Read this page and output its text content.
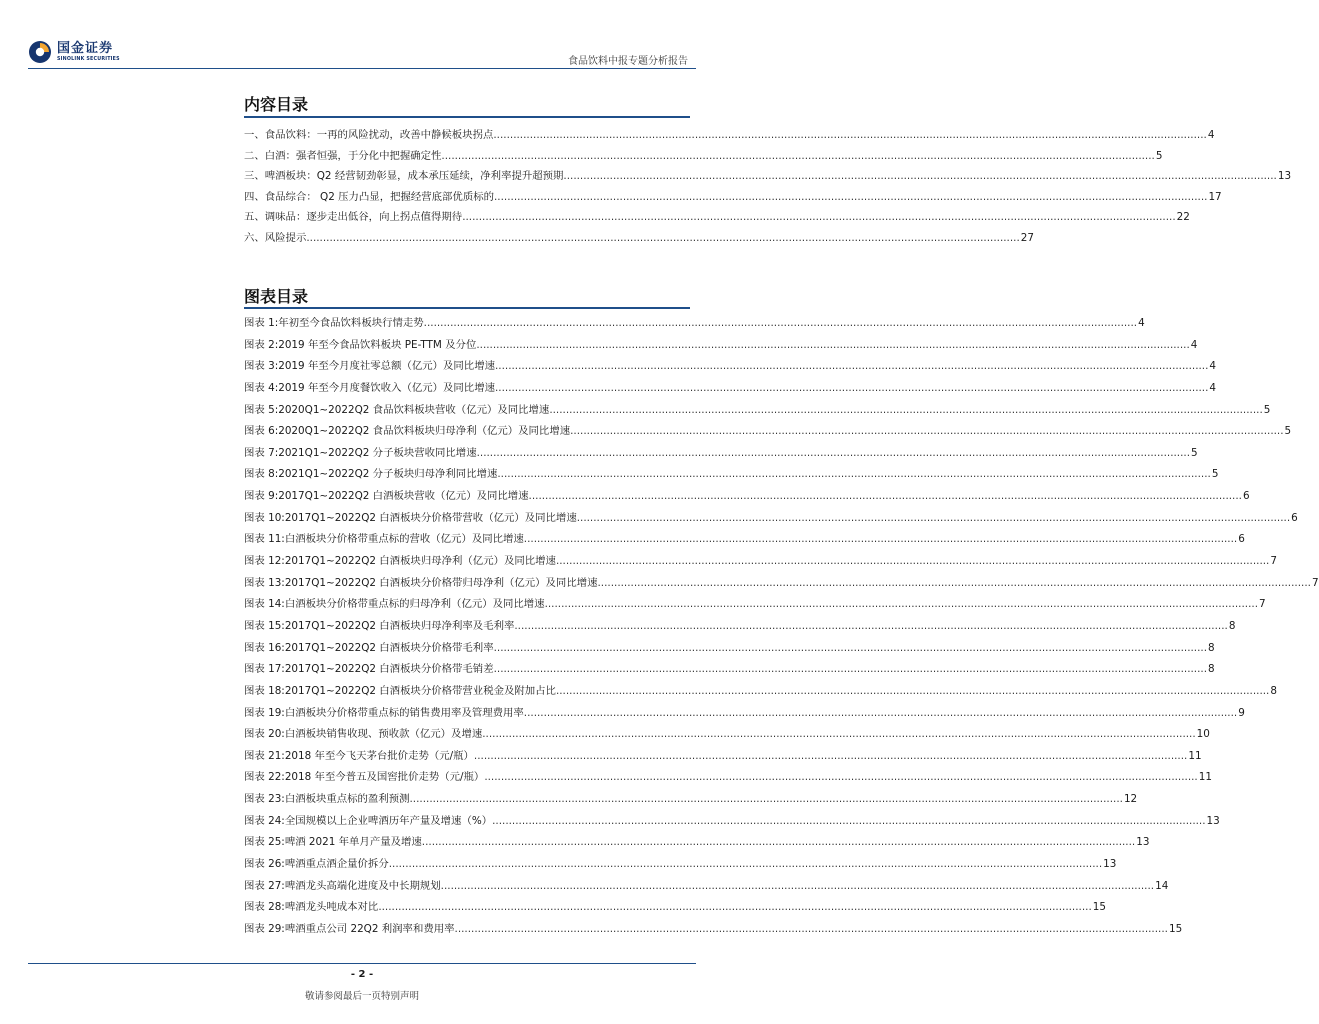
国金证券
SINOLINK SECURITIES	食品饮料中报专题分析报告
内容目录
一、食品饮料：一再的风险扰动，改善中静候板块拐点 .....	4
二、白酒：强者恒强，于分化中把握确定性 .....	5
三、啤酒板块：Q2 经营韧劲彰显，成本承压延续，净利率提升超预期 .....	13
四、食品综合： Q2 压力凸显，把握经营底部优质标的 .....	17
五、调味品：逐步走出低谷，向上拐点值得期待 .....	22
六、风险提示 .....	27
图表目录
图表 1: 年初至今食品饮料板块行情走势 .....	4
图表 2: 2019 年至今食品饮料板块 PE-TTM 及分位 .....	4
图表 3: 2019 年至今月度社零总额（亿元）及同比增速 .....	4
图表 4: 2019 年至今月度餐饮收入（亿元）及同比增速 .....	4
图表 5: 2020Q1~2022Q2 食品饮料板块营收（亿元）及同比增速 .....	5
图表 6: 2020Q1~2022Q2 食品饮料板块归母净利（亿元）及同比增速 .....	5
图表 7: 2021Q1~2022Q2 分子板块营收同比增速 .....	5
图表 8: 2021Q1~2022Q2 分子板块归母净利同比增速 .....	5
图表 9: 2017Q1~2022Q2 白酒板块营收（亿元）及同比增速 .....	6
图表 10: 2017Q1~2022Q2 白酒板块分价格带营收（亿元）及同比增速 .....	6
图表 11: 白酒板块分价格带重点标的营收（亿元）及同比增速 .....	6
图表 12: 2017Q1~2022Q2 白酒板块归母净利（亿元）及同比增速 .....	7
图表 13: 2017Q1~2022Q2 白酒板块分价格带归母净利（亿元）及同比增速 .....	7
图表 14: 白酒板块分价格带重点标的归母净利（亿元）及同比增速 .....	7
图表 15: 2017Q1~2022Q2 白酒板块归母净利率及毛利率 .....	8
图表 16: 2017Q1~2022Q2 白酒板块分价格带毛利率 .....	8
图表 17: 2017Q1~2022Q2 白酒板块分价格带毛销差 .....	8
图表 18: 2017Q1~2022Q2 白酒板块分价格带营业税金及附加占比 .....	8
图表 19: 白酒板块分价格带重点标的销售费用率及管理费用率 .....	9
图表 20: 白酒板块销售收现、预收款（亿元）及增速 .....	10
图表 21: 2018 年至今飞天茅台批价走势（元/瓶） .....	11
图表 22: 2018 年至今普五及国窖批价走势（元/瓶） .....	11
图表 23: 白酒板块重点标的盈利预测 .....	12
图表 24: 全国规模以上企业啤酒历年产量及增速（%） .....	13
图表 25: 啤酒 2021 年单月产量及增速 .....	13
图表 26: 啤酒重点酒企量价拆分 .....	13
图表 27: 啤酒龙头高端化进度及中长期规划 .....	14
图表 28: 啤酒龙头吨成本对比 .....	15
图表 29: 啤酒重点公司 22Q2 利润率和费用率 .....	15
- 2 -
敬请参阅最后一页特别声明
